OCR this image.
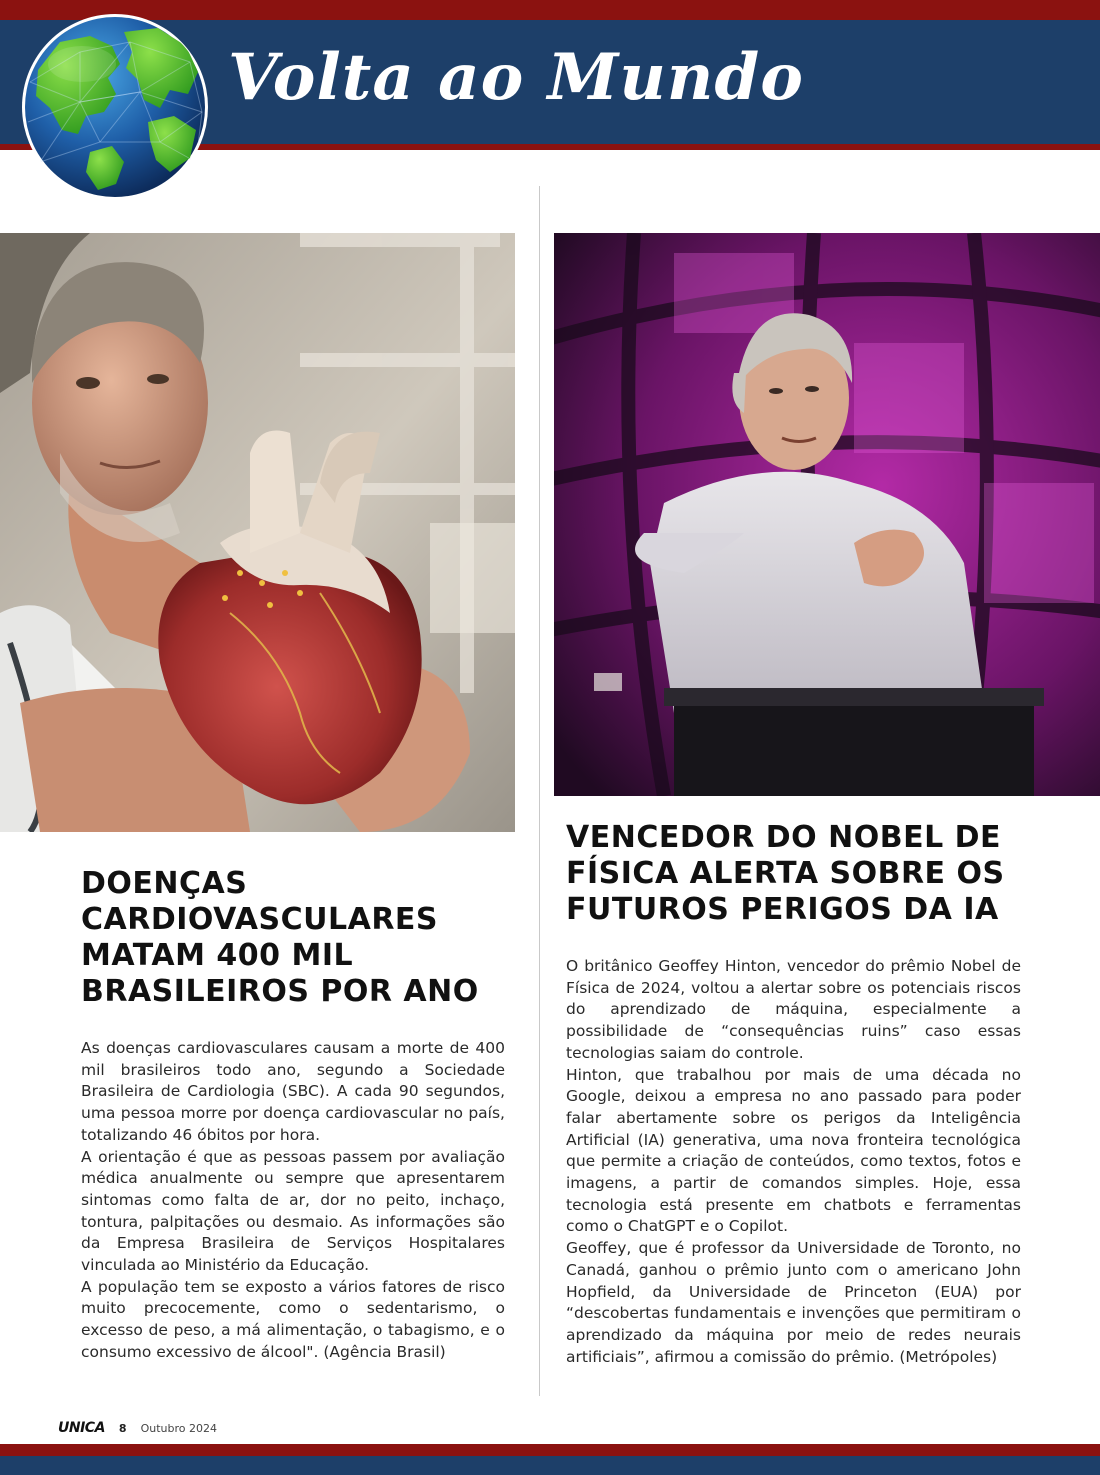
Volta ao Mundo
DOENÇAS CARDIOVASCULARES MATAM 400 MIL BRASILEIROS POR ANO

As doenças cardiovasculares causam a morte de 400 mil brasileiros todo ano, segundo a Sociedade Brasileira de Cardiologia (SBC). A cada 90 segundos, uma pessoa morre por doença cardiovascular no país, totalizando 46 óbitos por hora.

A orientação é que as pessoas passem por avaliação médica anualmente ou sempre que apresentarem sintomas como falta de ar, dor no peito, inchaço, tontura, palpitações ou desmaio. As informações são da Empresa Brasileira de Serviços Hospitalares vinculada ao Ministério da Educação.

A população tem se exposto a vários fatores de risco muito precocemente, como o sedentarismo, o excesso de peso, a má alimentação, o tabagismo, e o consumo excessivo de álcool". (Agência Brasil)

VENCEDOR DO NOBEL DE FÍSICA ALERTA SOBRE OS FUTUROS PERIGOS DA IA

O britânico Geoffey Hinton, vencedor do prêmio Nobel de Física de 2024, voltou a alertar sobre os potenciais riscos do aprendizado de máquina, especialmente a possibilidade de “consequências ruins” caso essas tecnologias saiam do controle.

Hinton, que trabalhou por mais de uma década no Google, deixou a empresa no ano passado para poder falar abertamente sobre os perigos da Inteligência Artificial (IA) generativa, uma nova fronteira tecnológica que permite a criação de conteúdos, como textos, fotos e imagens, a partir de comandos simples. Hoje, essa tecnologia está presente em chatbots e ferramentas como o ChatGPT e o Copilot.

Geoffey, que é professor da Universidade de Toronto, no Canadá, ganhou o prêmio junto com o americano John Hopfield, da Universidade de Princeton (EUA) por “descobertas fundamentais e invenções que permitiram o aprendizado da máquina por meio de redes neurais artificiais”, afirmou a comissão do prêmio. (Metrópoles)

UNICA 8 Outubro 2024
